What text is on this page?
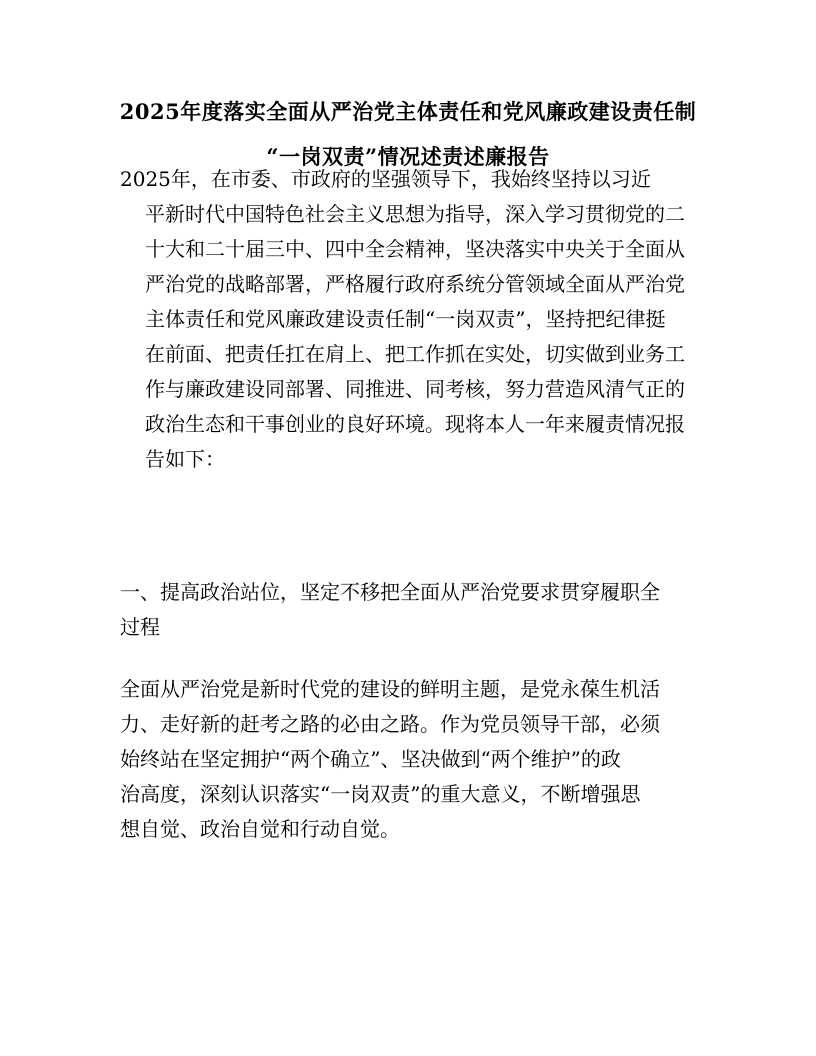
2025年度落实全面从严治党主体责任和党风廉政建设责任制
“一岗双责”情况述责述廉报告
2025年，在市委、市政府的坚强领导下，我始终坚持以习近
平新时代中国特色社会主义思想为指导，深入学习贯彻党的二
十大和二十届三中、四中全会精神，坚决落实中央关于全面从
严治党的战略部署，严格履行政府系统分管领域全面从严治党
主体责任和党风廉政建设责任制“一岗双责”，坚持把纪律挺
在前面、把责任扛在肩上、把工作抓在实处，切实做到业务工
作与廉政建设同部署、同推进、同考核，努力营造风清气正的
政治生态和干事创业的良好环境。现将本人一年来履责情况报
告如下：
一、提高政治站位，坚定不移把全面从严治党要求贯穿履职全
过程
全面从严治党是新时代党的建设的鲜明主题，是党永葆生机活
力、走好新的赶考之路的必由之路。作为党员领导干部，必须
始终站在坚定拥护“两个确立”、坚决做到“两个维护”的政
治高度，深刻认识落实“一岗双责”的重大意义，不断增强思
想自觉、政治自觉和行动自觉。
